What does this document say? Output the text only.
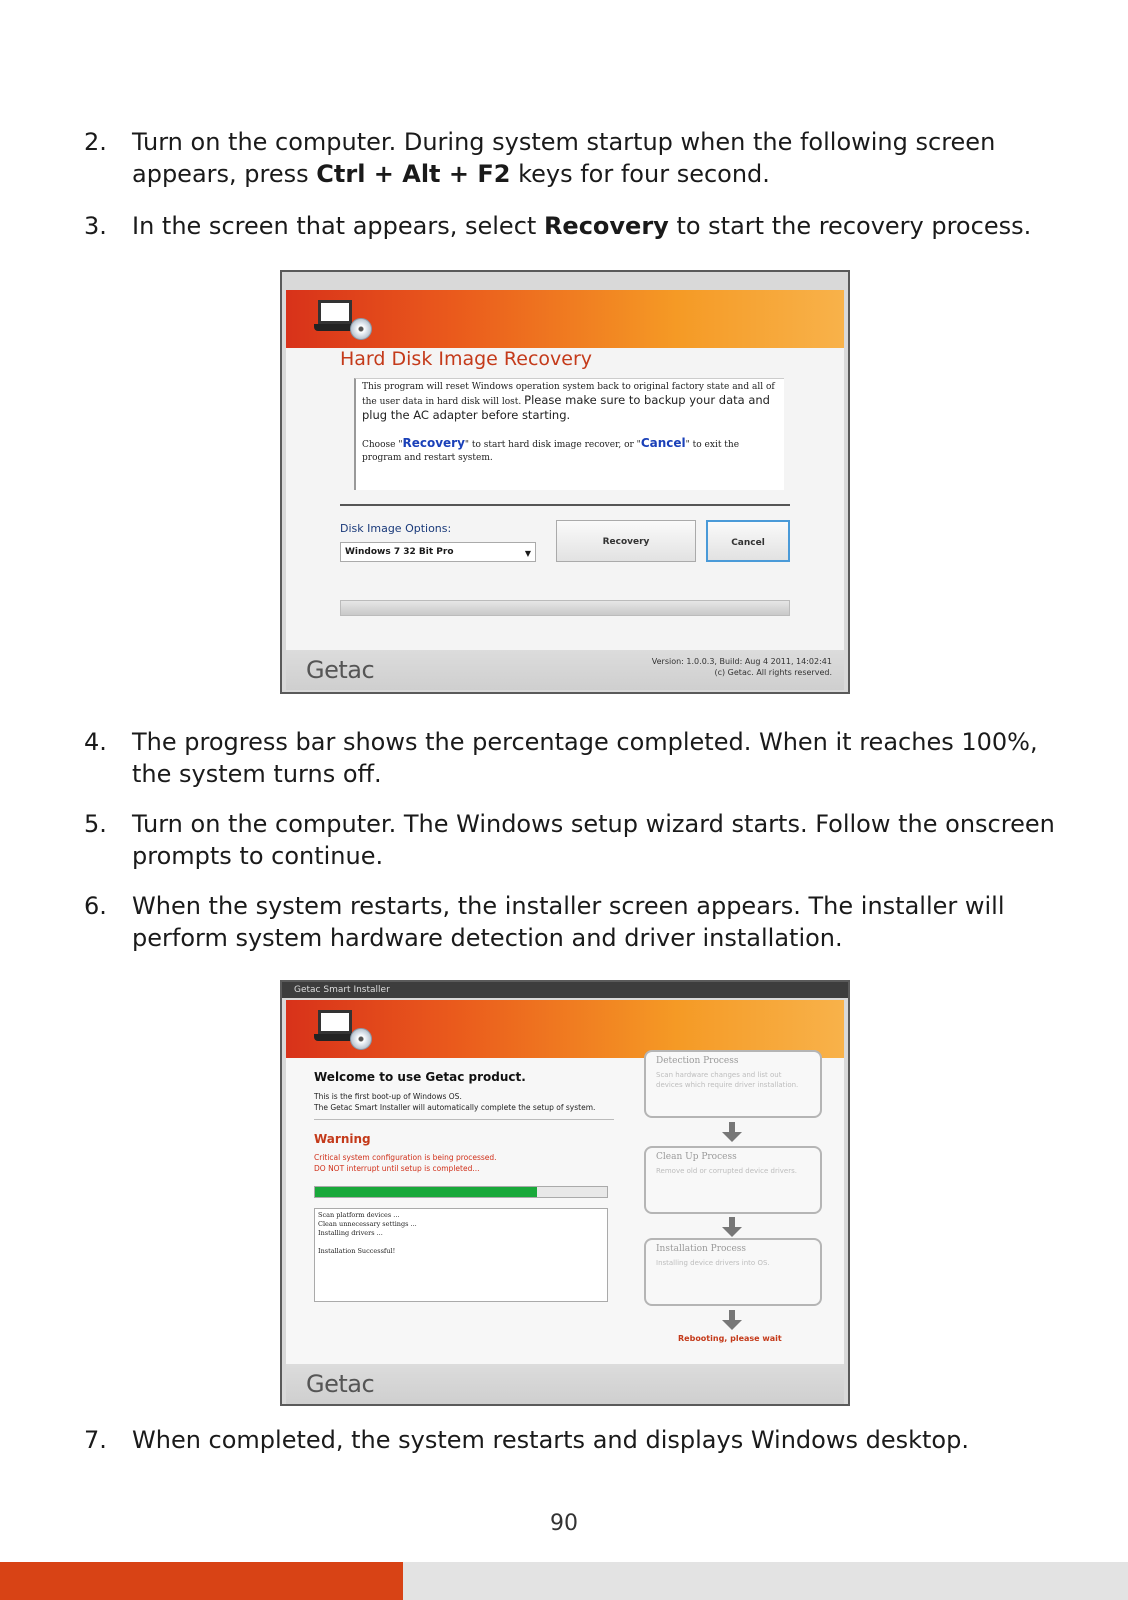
2. Turn on the computer. During system startup when the following screen appears, press Ctrl + Alt + F2 keys for four second.
3. In the screen that appears, select Recovery to start the recovery process.
Hard Disk Image Recovery
This program will reset Windows operation system back to original factory state and all of the user data in hard disk will lost. Please make sure to backup your data and plug the AC adapter before starting.

Choose "Recovery" to start hard disk image recover, or "Cancel" to exit the program and restart system.
Disk Image Options:
Windows 7 32 Bit Pro	▼
Recovery	Cancel
Getac	Version: 1.0.0.3, Build: Aug 4 2011, 14:02:41
(c) Getac. All rights reserved.
4. The progress bar shows the percentage completed. When it reaches 100%, the system turns off.
5. Turn on the computer. The Windows setup wizard starts. Follow the onscreen prompts to continue.
6. When the system restarts, the installer screen appears. The installer will perform system hardware detection and driver installation.
Getac Smart Installer
Welcome to use Getac product.
This is the first boot-up of Windows OS.
The Getac Smart Installer will automatically complete the setup of system.
Warning
Critical system configuration is being processed.
DO NOT interrupt until setup is completed...
Scan platform devices ...
Clean unnecessary settings ...
Installing drivers ...

Installation Successful!
Detection Process
Scan hardware changes and list out devices which require driver installation.
Clean Up Process
Remove old or corrupted device drivers.
Installation Process
Installing device drivers into OS.
Rebooting, please wait
Getac
7. When completed, the system restarts and displays Windows desktop.
90
